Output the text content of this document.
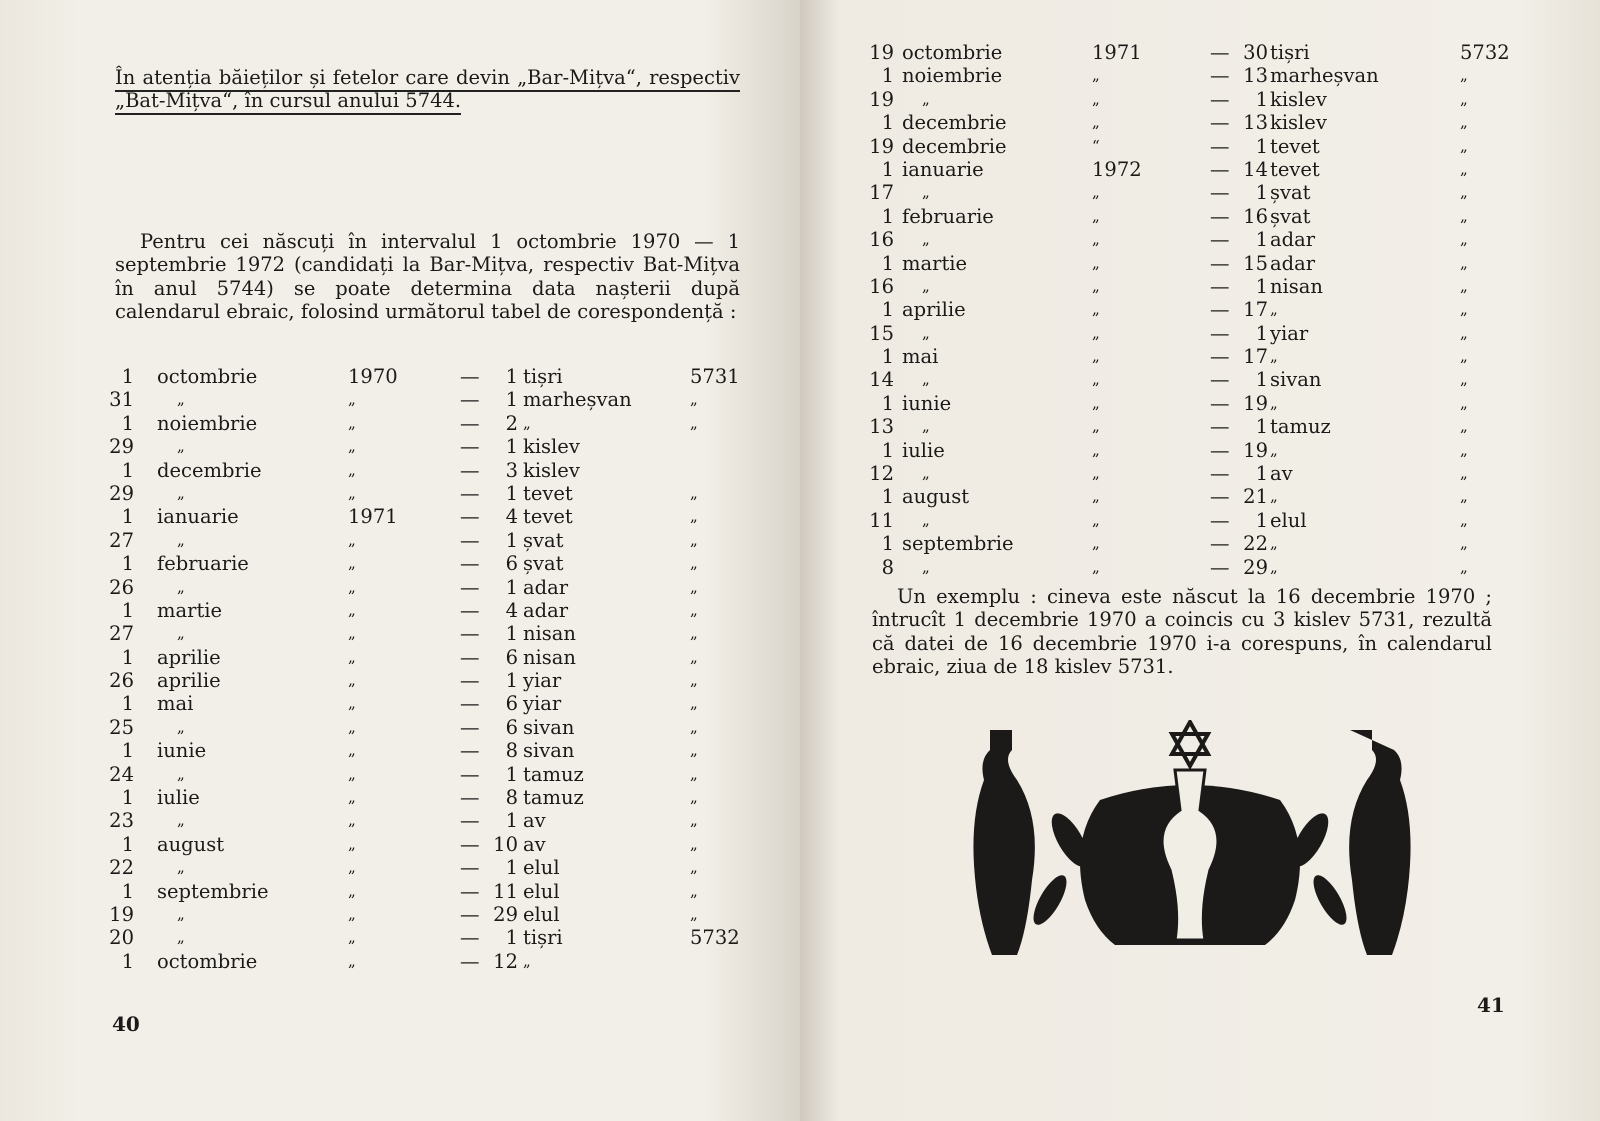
În atenția băieților și fetelor care devin „Bar-Mițva“, respectiv „Bat-Mițva“, în cursul anului 5744.
Pentru cei născuți în intervalul 1 octombrie 1970 — 1 septembrie 1972 (candidați la Bar-Mițva, respectiv Bat-Mițva în anul 5744) se poate determina data nașterii după calendarul ebraic, folosind următorul tabel de corespondență :
1 octombrie	1970	—	1 tișri	5731
31	„	„	—	1 marheșvan	„
1 noiembrie	„	—	2 „	„
29	„	„	—	1 kislev
1 decembrie	„	—	3 kislev
29	„	„	—	1 tevet	„
1 ianuarie	1971	—	4 tevet	„
27	„	„	—	1 șvat	„
1 februarie	„	—	6 șvat	„
26	„	„	—	1 adar	„
1 martie	„	—	4 adar	„
27	„	„	—	1 nisan	„
1 aprilie	„	—	6 nisan	„
26 aprilie	„	—	1 yiar	„
1 mai	„	—	6 yiar	„
25	„	„	—	6 sivan	„
1 iunie	„	—	8 sivan	„
24	„	„	—	1 tamuz	„
1 iulie	„	—	8 tamuz	„
23	„	„	—	1 av	„
1 august	„	— 10 av	„
22	„	„	—	1 elul	„
1 septembrie	„	— 11 elul	„
19	„	„	— 29 elul	„
20	„	„	—	1 tișri	5732
1 octombrie	„	— 12 „
40
19 octombrie	1971	— 30 tișri	5732
1 noiembrie	„	— 13 marheșvan	„
19 „	„	—	1 kislev	„
1 decembrie	„	— 13 kislev	„
19 decembrie	“	—	1 tevet	„
1 ianuarie	1972	— 14 tevet	„
17 „	„	—	1 șvat	„
1 februarie	„	— 16 șvat	„
16 „	„	—	1 adar	„
1 martie	„	— 15 adar	„
16 „	„	—	1 nisan	„
1 aprilie	„	— 17 „	„
15 „	„	—	1 yiar	„
1 mai	„	— 17 „	„
14 „	„	—	1 sivan	„
1 iunie	„	— 19 „	„
13 „	„	—	1 tamuz	„
1 iulie	„	— 19 „	„
12 „	„	—	1 av	„
1 august	„	— 21 „	„
11 „	„	—	1 elul	„
1 septembrie	„	— 22 „	„
8 „	„	— 29 „	„
41
Un exemplu : cineva este născut la 16 decembrie 1970 ; întrucît 1 decembrie 1970 a coincis cu 3 kislev 5731, rezultă că datei de 16 decembrie 1970 i-a corespuns, în calendarul ebraic, ziua de 18 kislev 5731.
